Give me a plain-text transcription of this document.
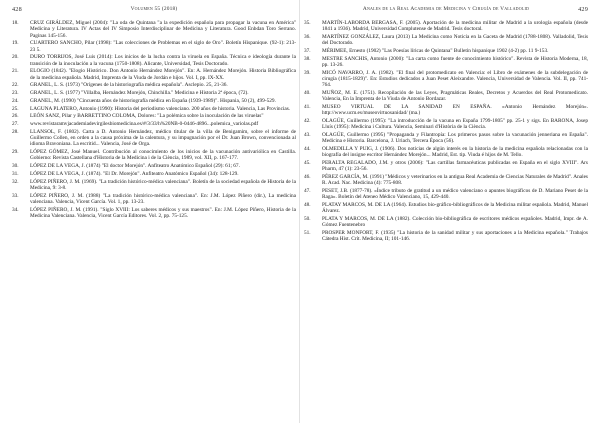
428	Volumen 55 (2018)
18. CRUZ GIRÁLDEZ, Miguel (2004): "La oda de Quintana "a la expedición española para propagar la vacuna en América" Medicina y Literatura. IV Actas del IV Simposio Interdisciplinar de Medicina y Literatura. Good Enbdan Toro Serrano. Paginas 145-156.
19. CUARTERO SANCHO, Pilar (1998): "Las colecciones de Problemas en el siglo de Oro". Boletín Hispanique. (92-1): 213-23 5.
20. DURO TORRIJOS, José Luis (2014): Los inicios de la lucha contra la viruela en España. Técnica e ideología durante la transición de la inoculación a la vacuna (1750-1808). Alicante, Universidad, Tesis Doctorado.
21. ELOGIO (1842). "Elogio Histórico. Don Antonio Hernández Morejón". En: A. Hernández Morejón. Historia Bibliográfica de la medicina española. Madrid, Imprenta de la Viuda de Jordán e hijos. Vol. I, pp. IX-XX.
22. GRANEL, L. S. (1973) "Orígenes de la historiografía médica española". Asclepio. 25, 21-36.
23. GRANEL, L. S. (1977) "Villalba, Hernández Morejón, Chinchilla." Medicina e Historia 2ª época, (72).
24. GRANEL, M. (1990) "Cincuenta años de historiografía médica en España (1939-1989)". Hispania, 50 (2), 499-529.
25. LAGUNA PLATERO, Antonio (1990): Historia del periodismo valenciano. 200 años de historia. Valencia, Las Provincias.
26. LEÓN SANZ, Pilar y BARRETTINO COLOMA, Dolores: "La polémica sobre la inoculación de las viruelas"
27. www.revistaramvjacademiadevirgilesbiomedicina.es/#/3/33/h%20NB-0-0446-4896...polemica_variolas.pdf
28. LLANSOL, F. (1802). Carta a D. Antonio Hernández, médico titular de la villa de Benigamim, sobre el informe de Guillermo Collen, en orden a la causa próxima de la calentura, y su impugnación por el Dr. Juan Brown, convencionada al idioma Bravoniana. La escritid... Valencia, José de Orga.
29. LÓPEZ GÓMEZ, José Manuel. Contribución al conocimiento de los inicios de la vacunación antivariólica en Castilla. Gobierno: Revista Castellana d'Historia de la Medicina i de la Ciència, 1989, vol. XII, p. 167-177.
30. LÓPEZ DE LA VEGA, J. (1874) "El doctor Morejón". Anfiteatro Anatómico Español (29): 61; 67.
31. LÓPEZ DE LA VEGA, J. (1874). "El Dr. Morejón". Anfiteatro Anatómico Español (34): 128-129.
32. LÓPEZ PIÑERO, J. M. (1969). "La tradición histórico-médica valenciana". Boletín de la sociedad española de Historia de la Medicina, 9: 3-8.
33. LÓPEZ PIÑERO, J. M. (1988) "La tradición histórico-médica valenciana". En: J.M. López Piñero (dir.), La medicina valenciana. Valencia, Vicent García. Vol. 1, pp. 13-23.
34. LÓPEZ PIÑERO, J. M. (1991). "Siglo XVIII: Los saberes médicos y sus maestros". En: J.M. López Piñero, Historia de la Medicina Valenciana. Valencia, Vicent García Editores. Vol. 2, pp. 75-125.
Anales de la Real Academia de Medicina y Cirugía de Valladolid	429
35. MARTÍN-LABORDA BERGASA, F. (2005). Aportación de la medicina militar de Madrid a la urología española (desde 1841 a 1936). Madrid, Universidad Complutense de Madrid. Tesis doctoral.
36. MARTÍNEZ GONZÁLEZ, Laura (2013) La Medicina como Noticia en la Gaceta de Madrid (1788-1808). Valladolid, Tesis del Doctorado.
37. MÉRIMEE, Ernesto (1902) "Las Poesías líricas de Quintana" Bulletin hispanique 1902 (4-2) pp. 11 9-153.
38. MESTRE SANCHIS, Antonio (2000): "La carta como fuente de conocimiento histórico". Revista de Historia Moderna, 18, pp. 13-26.
39. MICÓ NAVARRO, J. A. (1982). "El final del protomedicato en Valencia: el Libro de exámenes de la subdelegación de cirugía (1815-1829)". En: Estudios dedicados a Juan Peset Aleixandre. Valencia, Universidad de Valencia. Vol. II, pp. 741-764.
40. MUÑOZ, M. E. (1751). Recopilación de las Leyes, Pragmáticas Reales, Decretos y Acuerdos del Real Protomedicato. Valencia, En la Imprenta de la Viuda de Antonio Bordazar.
41. MUSEO VIRTUAL DE LA SANIDAD EN ESPAÑA. «Antonio Hernández Morejón». http://www.ucm.es/museovirtuosanidad/ (ma.)
42. OLAGÜE, Guillermo (1995): "La introducción de la vacuna en España 1799-1805" pp. 25-1 y sigs. En BARONA, Josep Lluís (1995): Medicina i Cultura. Valencia, Seminari d'Història de la Ciència.
43. OLAGÜE, Guillermo (1995) "Propaganda y Filantropía: Los primeros pasos sobre la vacunación jenneriana en España". Medicina e Historia. Barcelona, J. Uriach, Tercera Época (56).
44. OLMEDILLA Y PUIG, J. (1906). Dos noticias de algún interés en la historia de la medicina española relacionadas con la biografía del insigne escritor Hernández Morejón... Madrid, Est. tip. Viuda é hijos de M. Tello.
45. PERALTA REGALADO, J.M. y otros (2006): "Las cartillas farmacéuticas publicadas en España en el siglo XVIII". Ars Pharm, 47 (1): 23-56.
46. PÉREZ GARCÍA, M. (1991) "Médicos y veterinarios en la antigua Real Academia de Ciencias Naturales de Madrid". Anales R. Acad. Nac. Medicina (4): 775-808.
47. PESET, J.B. (1877-78). «Índice tributo de gratitud a un médico valenciano o apuntes biográficos de D. Mariano Peset de la Raga». Boletín del Ateneo Médico Valenciano, 15, 429-440.
48. PLATAY MARCOS, M. DE LA (1964). Estudios bio-gráfico-bibliográficos de la Medicina militar española. Madrid, Manuel Álvarez.
50. PLATA Y MARCOS, M. DE LA (1882). Colección bio-bibliográfica de escritores médicos españoles. Madrid, Impr. de A. Gómez Fuentenebro
51. PROSPER MONFORT, F. (1935) "La historia de la sanidad militar y sus aportaciones a la Medicina española." Trabajos Cátedra Hist. Crít. Medicina, II; 101-146.
